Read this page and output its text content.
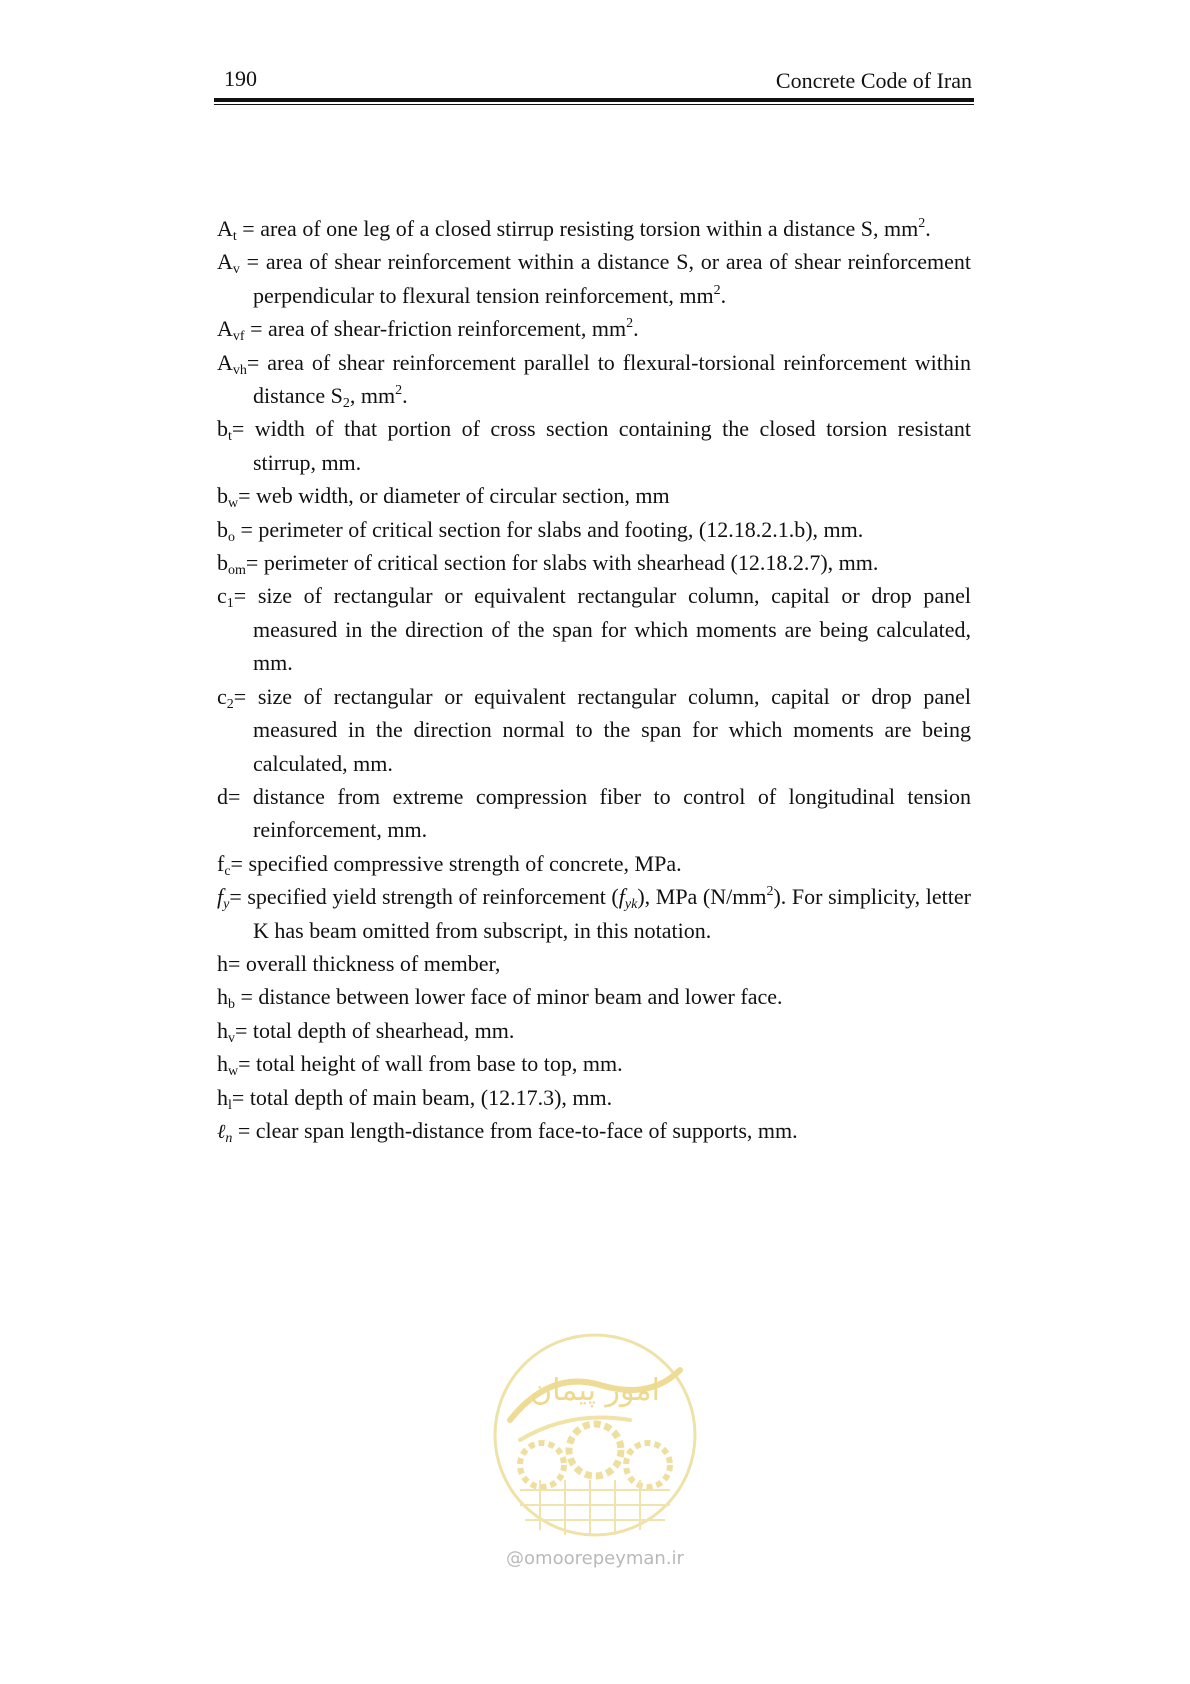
190	Concrete Code of Iran

$A_t$ = area of one leg of a closed stirrup resisting torsion within a distance S, $mm^2$.

$A_v$ = area of shear reinforcement within a distance S, or area of shear reinforcement perpendicular to flexural tension reinforcement, $mm^2$.

$A_{vf}$ = area of shear-friction reinforcement, $mm^2$.

$A_{vh}=$ area of shear reinforcement parallel to flexural-torsional reinforcement within distance $S_2$, $mm^2$.

$b_t=$ width of that portion of cross section containing the closed torsion resistant stirrup, mm.

$b_w=$ web width, or diameter of circular section, mm

$b_o$ = perimeter of critical section for slabs and footing, (12.18.2.1.b), mm.

$b_{om}=$ perimeter of critical section for slabs with shearhead (12.18.2.7), mm.

$c_1=$ size of rectangular or equivalent rectangular column, capital or drop panel measured in the direction of the span for which moments are being calculated, mm.

$c_2=$ size of rectangular or equivalent rectangular column, capital or drop panel measured in the direction normal to the span for which moments are being calculated, mm.

d= distance from extreme compression fiber to control of longitudinal tension reinforcement, mm.

$f_c=$ specified compressive strength of concrete, MPa.

$f_y=$ specified yield strength of reinforcement $(f_{yk})$, MPa $(N/mm^2)$. For simplicity, letter K has beam omitted from subscript, in this notation.

h= overall thickness of member,

$h_b$ = distance between lower face of minor beam and lower face.

$h_v=$ total depth of shearhead, mm.

$h_w=$ total height of wall from base to top, mm.

$h_l=$ total depth of main beam, (12.17.3), mm.

ℓ$_n$ = clear span length-distance from face-to-face of supports, mm.

امور پیمان
@omoorepeyman.ir
